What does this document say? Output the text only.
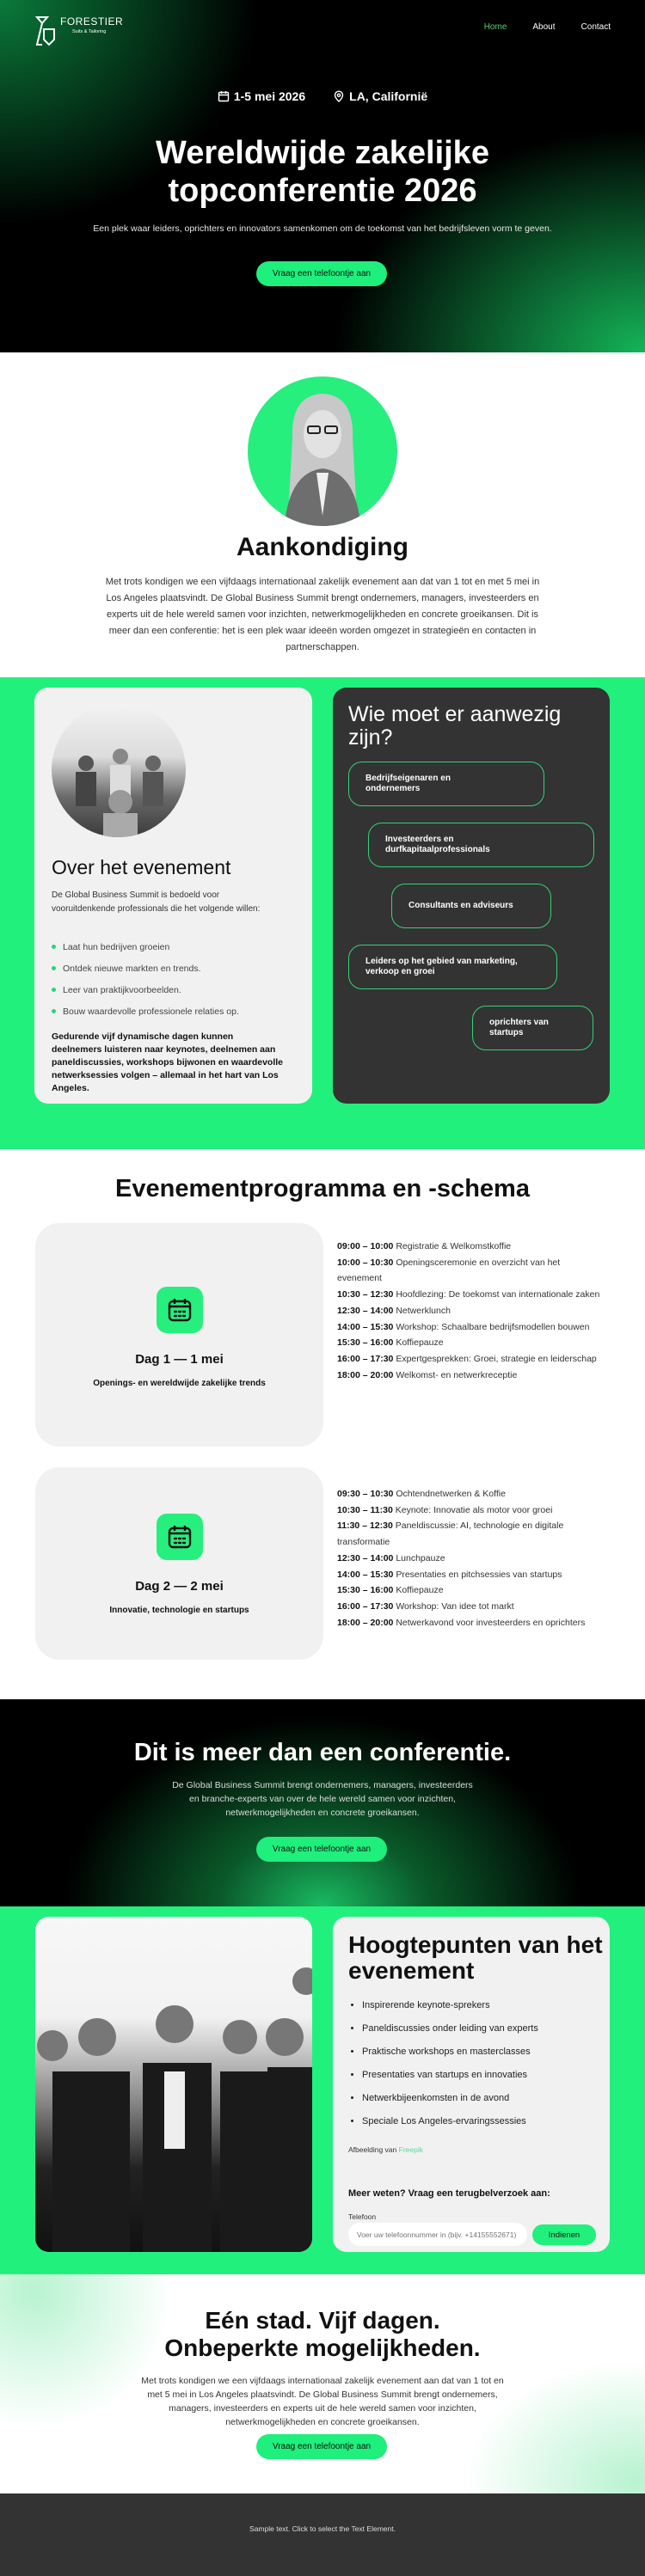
FORESTIER
Suits & Tailoring	Home	About	Contact
1-5 mei 2026	LA, Californië
Wereldwijde zakelijke
topconferentie 2026
Een plek waar leiders, oprichters en innovators samenkomen om de toekomst van het bedrijfsleven vorm te geven.
Vraag een telefoontje aan
Aankondiging

Met trots kondigen we een vijfdaags internationaal zakelijk evenement aan dat van 1 tot en met 5 mei in Los Angeles plaatsvindt. De Global Business Summit brengt ondernemers, managers, investeerders en experts uit de hele wereld samen voor inzichten, netwerkmogelijkheden en concrete groeikansen. Dit is meer dan een conferentie: het is een plek waar ideeën worden omgezet in strategieën en contacten in partnerschappen.

Over het evenement
De Global Business Summit is bedoeld voor vooruitdenkende professionals die het volgende willen:
Laat hun bedrijven groeien
Ontdek nieuwe markten en trends.
Leer van praktijkvoorbeelden.
Bouw waardevolle professionele relaties op.
Gedurende vijf dynamische dagen kunnen deelnemers luisteren naar keynotes, deelnemen aan paneldiscussies, workshops bijwonen en waardevolle netwerksessies volgen – allemaal in het hart van Los Angeles.
Wie moet er aanwezig zijn?
Bedrijfseigenaren en ondernemers
Investeerders en durfkapitaalprofessionals
Consultants en adviseurs
Leiders op het gebied van marketing, verkoop en groei
oprichters van startups
Evenementprogramma en -schema
Dag 1 — 1 mei
Openings- en wereldwijde zakelijke trends
09:00 – 10:00 Registratie & Welkomstkoffie
10:00 – 10:30 Openingsceremonie en overzicht van het evenement
10:30 – 12:30 Hoofdlezing: De toekomst van internationale zaken
12:30 – 14:00 Netwerklunch
14:00 – 15:30 Workshop: Schaalbare bedrijfsmodellen bouwen
15:30 – 16:00 Koffiepauze
16:00 – 17:30 Expertgesprekken: Groei, strategie en leiderschap
18:00 – 20:00 Welkomst- en netwerkreceptie
Dag 2 — 2 mei
Innovatie, technologie en startups
09:30 – 10:30 Ochtendnetwerken & Koffie
10:30 – 11:30 Keynote: Innovatie als motor voor groei
11:30 – 12:30 Paneldiscussie: AI, technologie en digitale transformatie
12:30 – 14:00 Lunchpauze
14:00 – 15:30 Presentaties en pitchsessies van startups
15:30 – 16:00 Koffiepauze
16:00 – 17:30 Workshop: Van idee tot markt
18:00 – 20:00 Netwerkavond voor investeerders en oprichters
Dit is meer dan een conferentie.

De Global Business Summit brengt ondernemers, managers, investeerders en branche-experts van over de hele wereld samen voor inzichten, netwerkmogelijkheden en concrete groeikansen.

Vraag een telefoontje aan
Hoogtepunten van het evenement
• Inspirerende keynote-sprekers
• Paneldiscussies onder leiding van experts
• Praktische workshops en masterclasses
• Presentaties van startups en innovaties
• Netwerkbijeenkomsten in de avond
• Speciale Los Angeles-ervaringssessies
Afbeelding van Freepik
Meer weten? Vraag een terugbelverzoek aan:
Telefoon
Voer uw telefoonnummer in (bijv. +14155552671)
Indienen
Eén stad. Vijf dagen.
Onbeperkte mogelijkheden.

Met trots kondigen we een vijfdaags internationaal zakelijk evenement aan dat van 1 tot en met 5 mei in Los Angeles plaatsvindt. De Global Business Summit brengt ondernemers, managers, investeerders en experts uit de hele wereld samen voor inzichten, netwerkmogelijkheden en concrete groeikansen.

Vraag een telefoontje aan
Sample text. Click to select the Text Element.
